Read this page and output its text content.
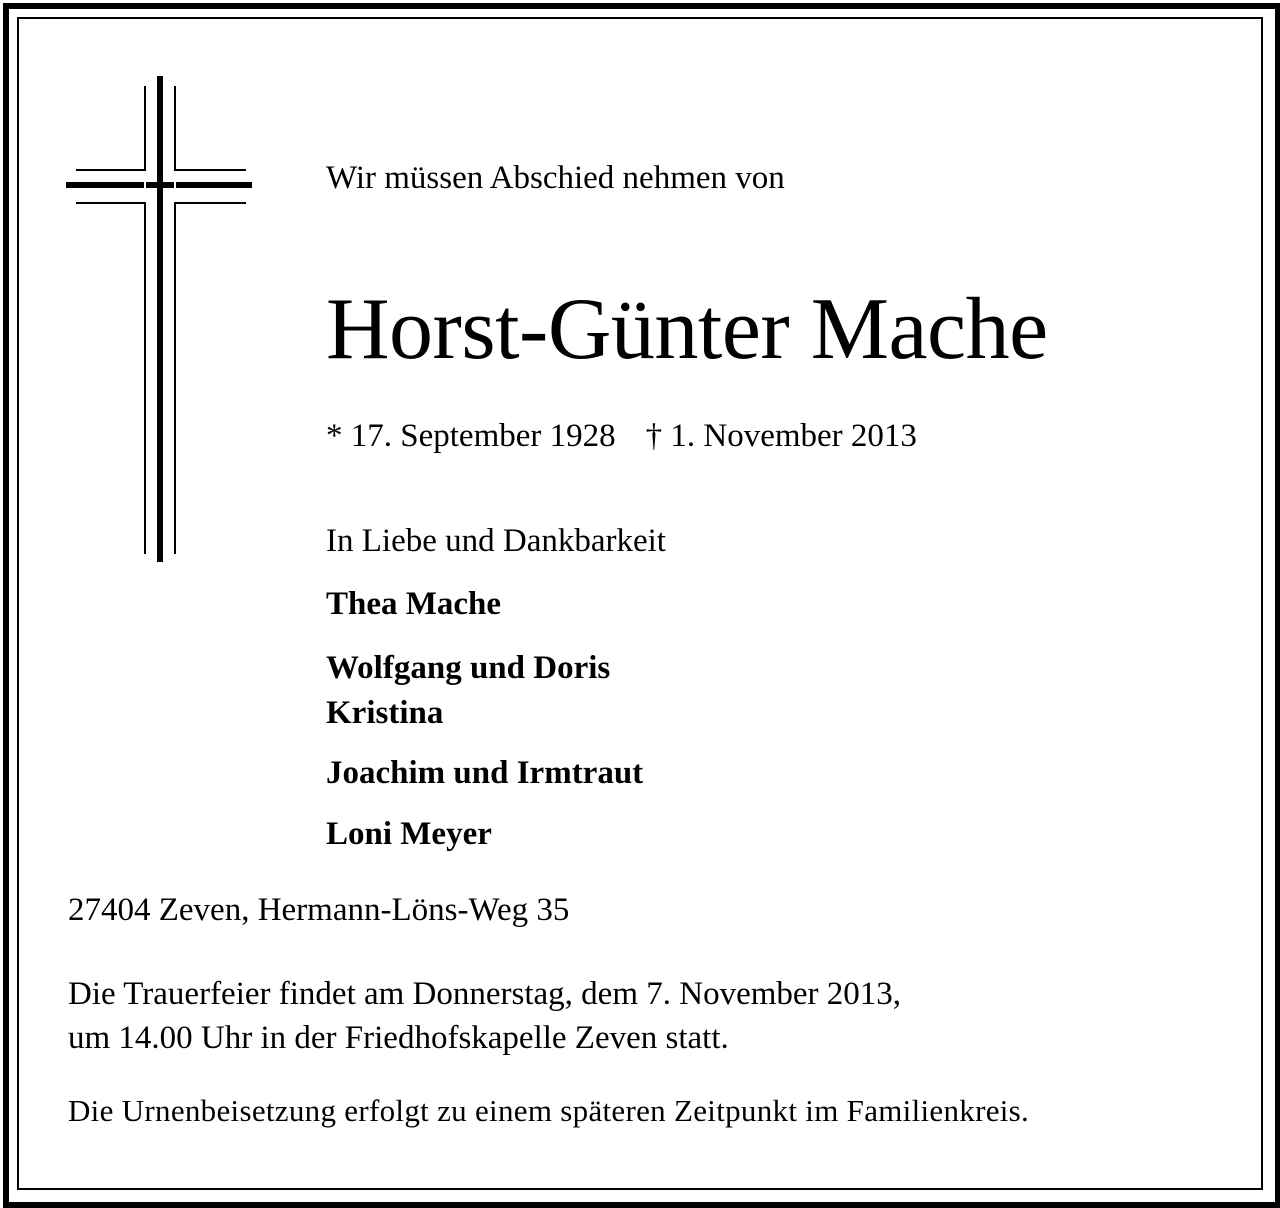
Wir müssen Abschied nehmen von
Horst-Günter Mache
* 17. September 1928 † 1. November 2013
In Liebe und Dankbarkeit
Thea Mache
Wolfgang und Doris
Kristina
Joachim und Irmtraut
Loni Meyer
27404 Zeven, Hermann-Löns-Weg 35
Die Trauerfeier findet am Donnerstag, dem 7. November 2013,
um 14.00 Uhr in der Friedhofskapelle Zeven statt.
Die Urnenbeisetzung erfolgt zu einem späteren Zeitpunkt im Familienkreis.
